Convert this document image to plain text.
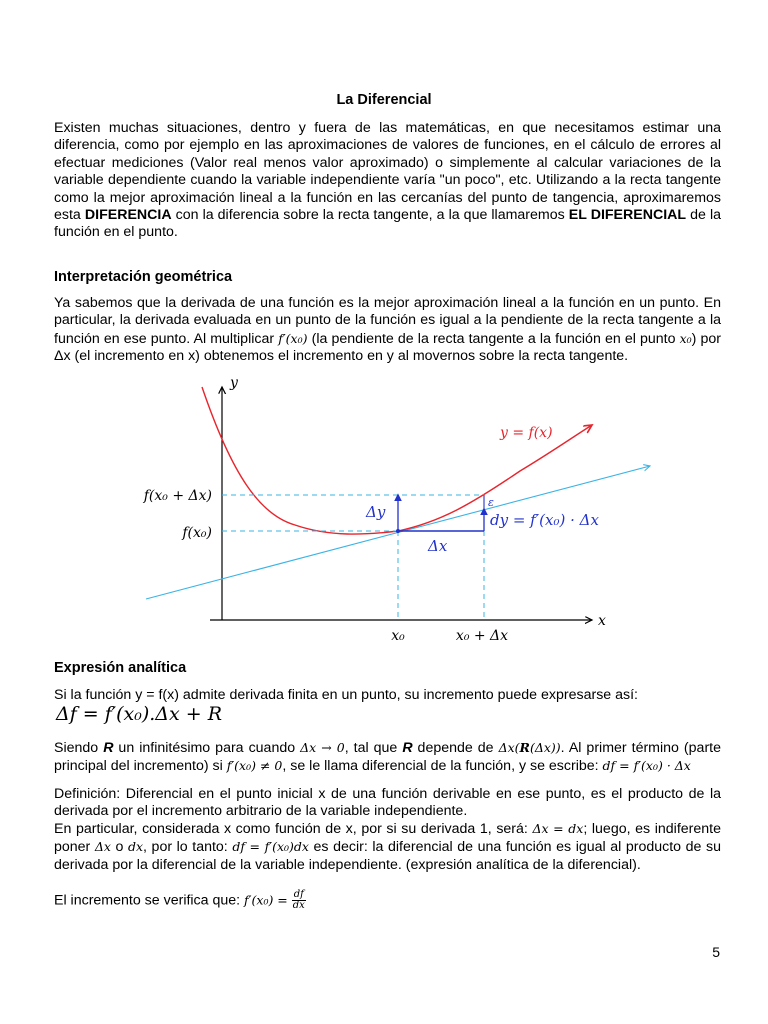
La Diferencial
Existen muchas situaciones, dentro y fuera de las matemáticas, en que necesitamos estimar una diferencia, como por ejemplo en las aproximaciones de valores de funciones, en el cálculo de errores al efectuar mediciones (Valor real menos valor aproximado) o simplemente al calcular variaciones de la variable dependiente cuando la variable independiente varía "un poco", etc. Utilizando a la recta tangente como la mejor aproximación lineal a la función en las cercanías del punto de tangencia, aproximaremos esta DIFERENCIA con la diferencia sobre la recta tangente, a la que llamaremos EL DIFERENCIAL de la función en el punto.
Interpretación geométrica
Ya sabemos que la derivada de una función es la mejor aproximación lineal a la función en un punto. En particular, la derivada evaluada en un punto de la función es igual a la pendiente de la recta tangente a la función en ese punto. Al multiplicar f′(x₀) (la pendiente de la recta tangente a la función en el punto x₀) por Δx (el incremento en x) obtenemos el incremento en y al movernos sobre la recta tangente.
y
x
y = f(x)
Δy
Δx
dy = f′(x₀) · Δx
ε
f(x₀ + Δx)
f(x₀)
x₀	x₀ + Δx
Expresión analítica
Si la función y = f(x) admite derivada finita en un punto, su incremento puede expresarse así:
Δf = f′(x₀).Δx + R
Siendo R un infinitésimo para cuando Δx → 0, tal que R depende de Δx(R(Δx)). Al primer término (parte principal del incremento) si f′(x₀) ≠ 0, se le llama diferencial de la función, y se escribe: df = f′(x₀) · Δx
Definición: Diferencial en el punto inicial x de una función derivable en ese punto, es el producto de la derivada por el incremento arbitrario de la variable independiente.
En particular, considerada x como función de x, por si su derivada 1, será: Δx = dx; luego, es indiferente poner Δx o dx, por lo tanto: df = f′(x₀)dx es decir: la diferencial de una función es igual al producto de su derivada por la diferencial de la variable independiente. (expresión analítica de la diferencial).
El incremento se verifica que: $f'(x_0) = \frac{df}{dx}$
5
